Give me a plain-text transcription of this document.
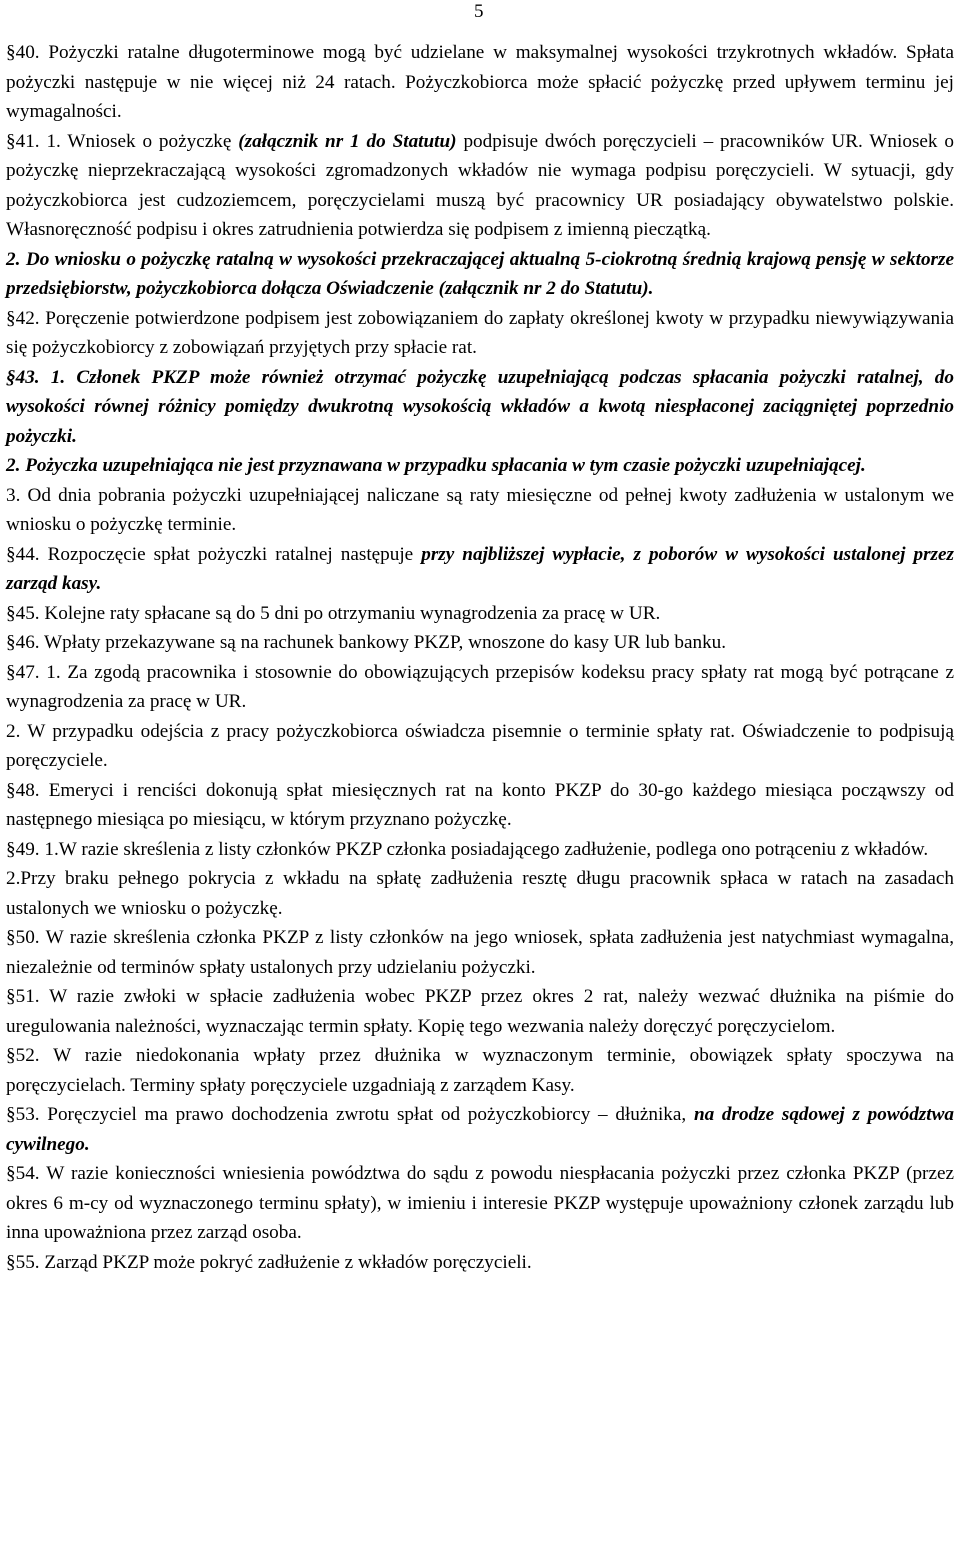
5

§40. Pożyczki ratalne długoterminowe mogą być udzielane w maksymalnej wysokości trzykrotnych wkładów. Spłata pożyczki następuje w nie więcej niż 24 ratach. Pożyczkobiorca może spłacić pożyczkę przed upływem terminu jej wymagalności.

§41. 1. Wniosek o pożyczkę (załącznik nr 1 do Statutu) podpisuje dwóch poręczycieli – pracowników UR. Wniosek o pożyczkę nieprzekraczającą wysokości zgromadzonych wkładów nie wymaga podpisu poręczycieli. W sytuacji, gdy pożyczkobiorca jest cudzoziemcem, poręczycielami muszą być pracownicy UR posiadający obywatelstwo polskie. Własnoręczność podpisu i okres zatrudnienia potwierdza się podpisem z imienną pieczątką.

2. Do wniosku o pożyczkę ratalną w wysokości przekraczającej aktualną 5-ciokrotną średnią krajową pensję w sektorze przedsiębiorstw, pożyczkobiorca dołącza Oświadczenie (załącznik nr 2 do Statutu).

§42. Poręczenie potwierdzone podpisem jest zobowiązaniem do zapłaty określonej kwoty w przypadku niewywiązywania się pożyczkobiorcy z zobowiązań przyjętych przy spłacie rat.

§43. 1. Członek PKZP może również otrzymać pożyczkę uzupełniającą podczas spłacania pożyczki ratalnej, do wysokości równej różnicy pomiędzy dwukrotną wysokością wkładów a kwotą niespłaconej zaciągniętej poprzednio pożyczki.

2. Pożyczka uzupełniająca nie jest przyznawana w przypadku spłacania w tym czasie pożyczki uzupełniającej.

3. Od dnia pobrania pożyczki uzupełniającej naliczane są raty miesięczne od pełnej kwoty zadłużenia w ustalonym we wniosku o pożyczkę terminie.

§44. Rozpoczęcie spłat pożyczki ratalnej następuje przy najbliższej wypłacie, z poborów w wysokości ustalonej przez zarząd kasy.

§45. Kolejne raty spłacane są do 5 dni po otrzymaniu wynagrodzenia za pracę w UR.

§46. Wpłaty przekazywane są na rachunek bankowy PKZP, wnoszone do kasy UR lub banku.

§47. 1. Za zgodą pracownika i stosownie do obowiązujących przepisów kodeksu pracy spłaty rat mogą być potrącane z wynagrodzenia za pracę w UR.

2. W przypadku odejścia z pracy pożyczkobiorca oświadcza pisemnie o terminie spłaty rat. Oświadczenie to podpisują poręczyciele.

§48. Emeryci i renciści dokonują spłat miesięcznych rat na konto PKZP do 30-go każdego miesiąca począwszy od następnego miesiąca po miesiącu, w którym przyznano pożyczkę.

§49. 1.W razie skreślenia z listy członków PKZP członka posiadającego zadłużenie, podlega ono potrąceniu z wkładów.

2.Przy braku pełnego pokrycia z wkładu na spłatę zadłużenia resztę długu pracownik spłaca w ratach na zasadach ustalonych we wniosku o pożyczkę.

§50. W razie skreślenia członka PKZP z listy członków na jego wniosek, spłata zadłużenia jest natychmiast wymagalna, niezależnie od terminów spłaty ustalonych przy udzielaniu pożyczki.

§51. W razie zwłoki w spłacie zadłużenia wobec PKZP przez okres 2 rat, należy wezwać dłużnika na piśmie do uregulowania należności, wyznaczając termin spłaty. Kopię tego wezwania należy doręczyć poręczycielom.

§52. W razie niedokonania wpłaty przez dłużnika w wyznaczonym terminie, obowiązek spłaty spoczywa na poręczycielach. Terminy spłaty poręczyciele uzgadniają z zarządem Kasy.

§53. Poręczyciel ma prawo dochodzenia zwrotu spłat od pożyczkobiorcy – dłużnika, na drodze sądowej z powództwa cywilnego.

§54. W razie konieczności wniesienia powództwa do sądu z powodu niespłacania pożyczki przez członka PKZP (przez okres 6 m-cy od wyznaczonego terminu spłaty), w imieniu i interesie PKZP występuje upoważniony członek zarządu lub inna upoważniona przez zarząd osoba.

§55. Zarząd PKZP może pokryć zadłużenie z wkładów poręczycieli.
